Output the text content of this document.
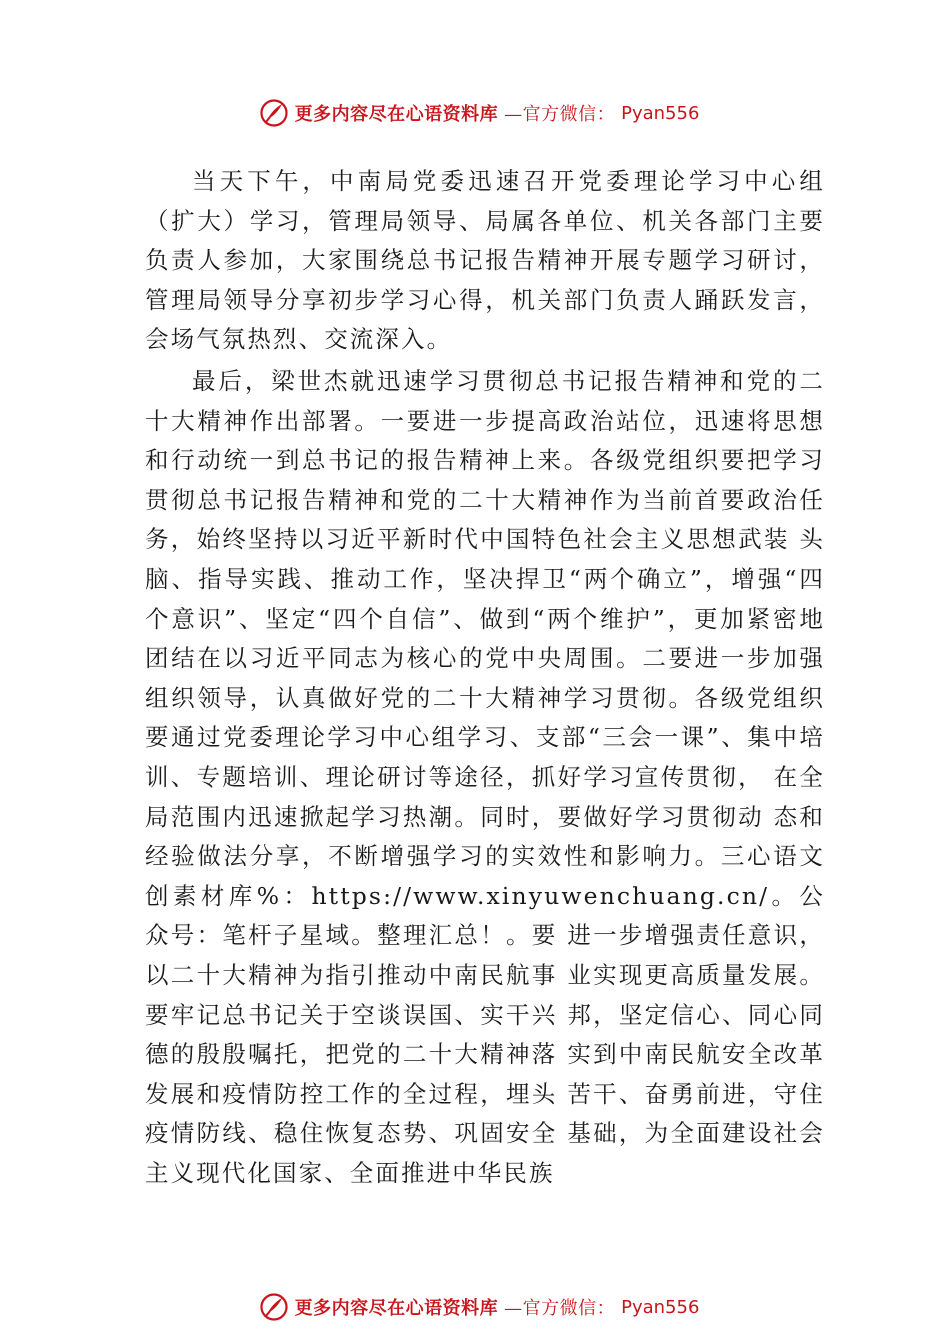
更多内容尽在心语资料库 —官方微信： Pyan556

当天下午，中南局党委迅速召开党委理论学习中心组（扩大）学习，管理局领导、局属各单位、机关各部门主要负责人参加，大家围绕总书记报告精神开展专题学习研讨， 管理局领导分享初步学习心得，机关部门负责人踊跃发言， 会场气氛热烈、交流深入。

最后，梁世杰就迅速学习贯彻总书记报告精神和党的二十大精神作出部署。一要进一步提高政治站位，迅速将思想和行动统一到总书记的报告精神上来。各级党组织要把学习贯彻总书记报告精神和党的二十大精神作为当前首要政治任务，始终坚持以习近平新时代中国特色社会主义思想武装 头脑、指导实践、推动工作，坚决捍卫“两个确立”，增强“四个意识”、坚定“四个自信”、做到“两个维护”，更加紧密地团结在以习近平同志为核心的党中央周围。二要进一步加强组织领导，认真做好党的二十大精神学习贯彻。各级党组织要通过党委理论学习中心组学习、支部“三会一课”、集中培训、专题培训、理论研讨等途径，抓好学习宣传贯彻， 在全局范围内迅速掀起学习热潮。同时，要做好学习贯彻动 态和经验做法分享，不断增强学习的实效性和影响力。三心语文创素材库%：https://www.xinyuwenchuang.cn/。公众号：笔杆子星域。整理汇总！。要 进一步增强责任意识，以二十大精神为指引推动中南民航事 业实现更高质量发展。要牢记总书记关于空谈误国、实干兴 邦，坚定信心、同心同德的殷殷嘱托，把党的二十大精神落 实到中南民航安全改革发展和疫情防控工作的全过程，埋头 苦干、奋勇前进，守住疫情防线、稳住恢复态势、巩固安全 基础，为全面建设社会主义现代化国家、全面推进中华民族

更多内容尽在心语资料库 —官方微信： Pyan556
